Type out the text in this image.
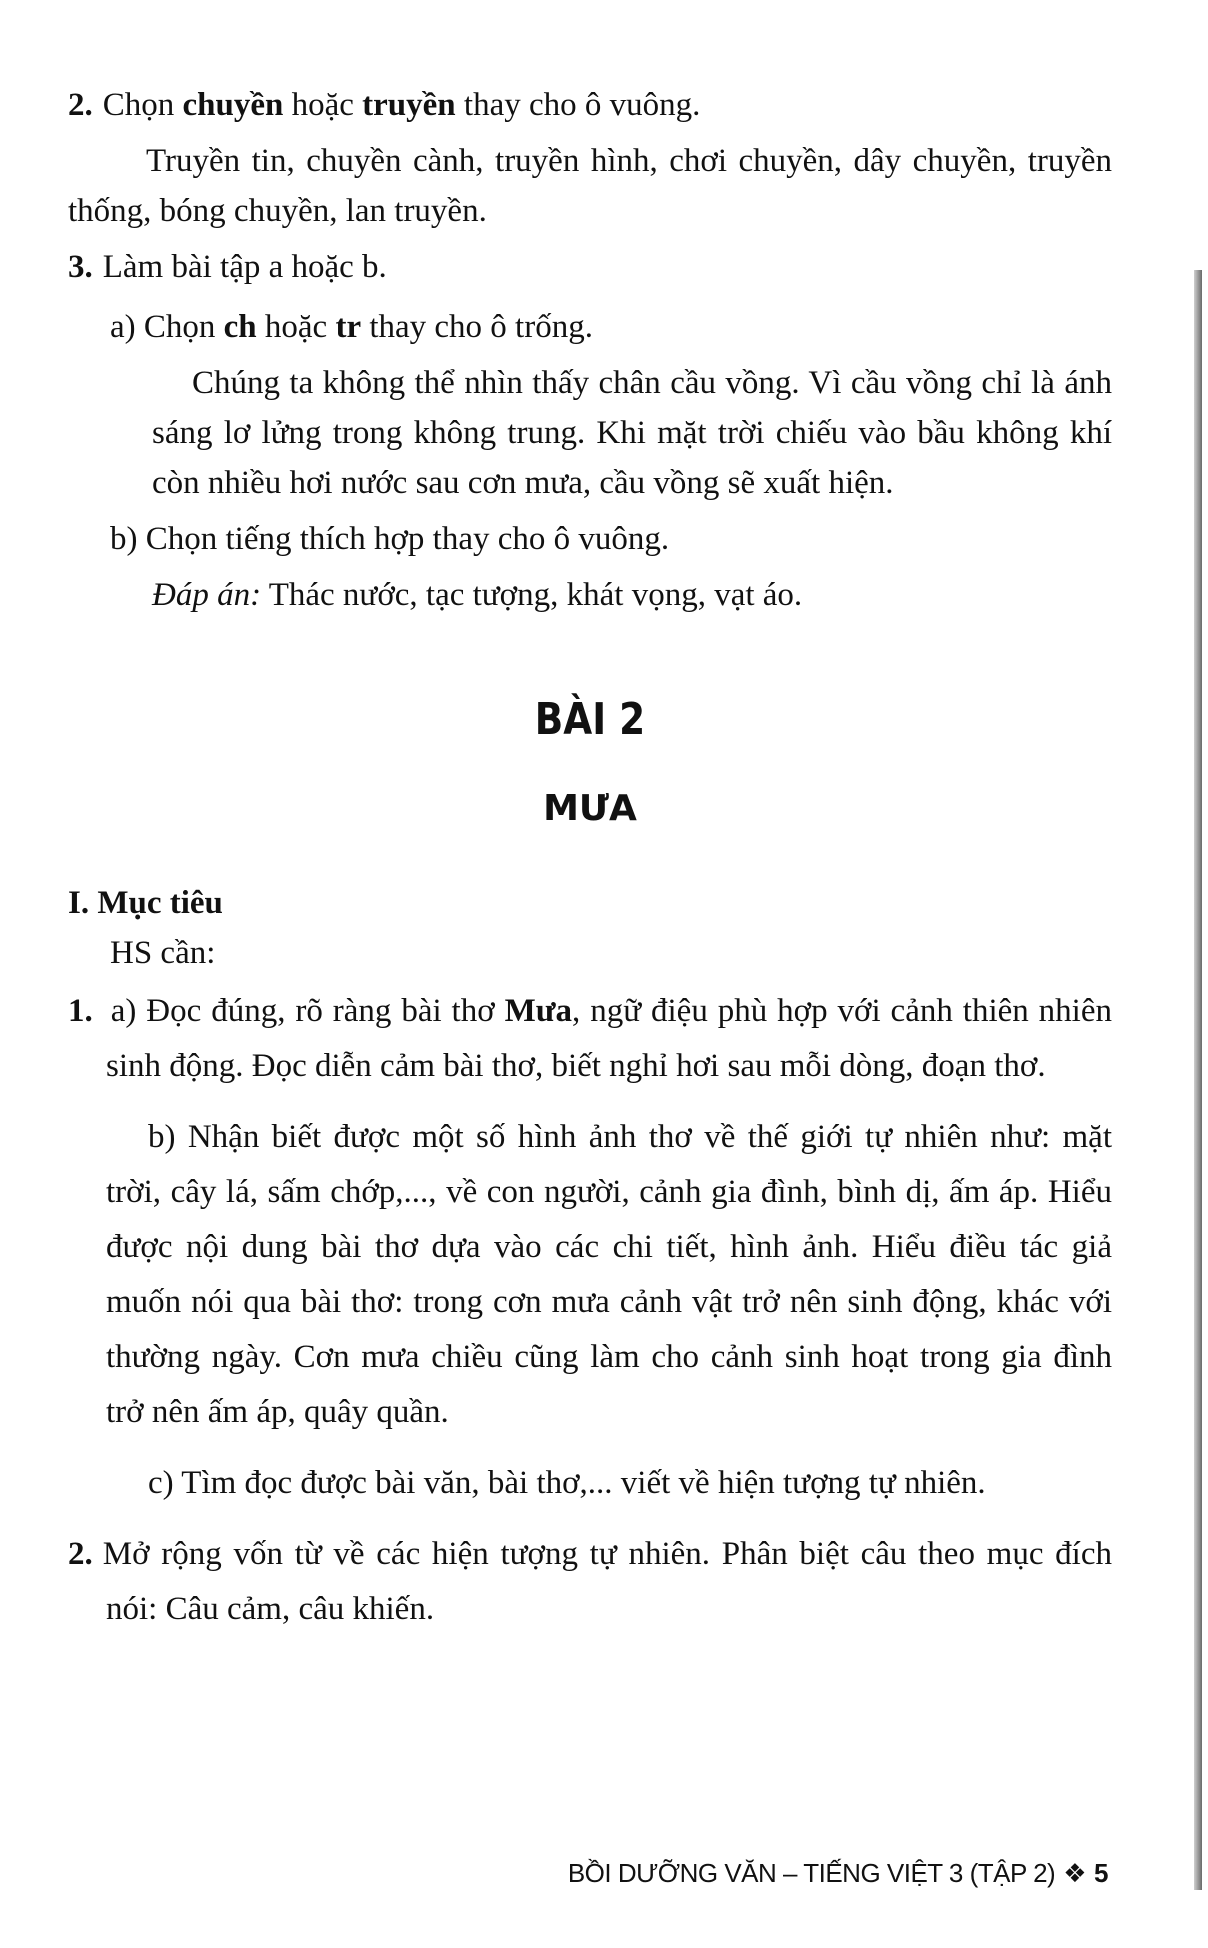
2. Chọn chuyền hoặc truyền thay cho ô vuông.

Truyền tin, chuyền cành, truyền hình, chơi chuyền, dây chuyền, truyền thống, bóng chuyền, lan truyền.

3. Làm bài tập a hoặc b.

a) Chọn ch hoặc tr thay cho ô trống.

Chúng ta không thể nhìn thấy chân cầu vồng. Vì cầu vồng chỉ là ánh sáng lơ lửng trong không trung. Khi mặt trời chiếu vào bầu không khí còn nhiều hơi nước sau cơn mưa, cầu vồng sẽ xuất hiện.

b) Chọn tiếng thích hợp thay cho ô vuông.

Đáp án: Thác nước, tạc tượng, khát vọng, vạt áo.

BÀI 2

MƯA

I. Mục tiêu

HS cần:

1. a) Đọc đúng, rõ ràng bài thơ Mưa, ngữ điệu phù hợp với cảnh thiên nhiên sinh động. Đọc diễn cảm bài thơ, biết nghỉ hơi sau mỗi dòng, đoạn thơ.

b) Nhận biết được một số hình ảnh thơ về thế giới tự nhiên như: mặt trời, cây lá, sấm chớp,..., về con người, cảnh gia đình, bình dị, ấm áp. Hiểu được nội dung bài thơ dựa vào các chi tiết, hình ảnh. Hiểu điều tác giả muốn nói qua bài thơ: trong cơn mưa cảnh vật trở nên sinh động, khác với thường ngày. Cơn mưa chiều cũng làm cho cảnh sinh hoạt trong gia đình trở nên ấm áp, quây quần.

c) Tìm đọc được bài văn, bài thơ,... viết về hiện tượng tự nhiên.

2. Mở rộng vốn từ về các hiện tượng tự nhiên. Phân biệt câu theo mục đích nói: Câu cảm, câu khiến.

BỒI DƯỠNG VĂN – TIẾNG VIỆT 3 (TẬP 2) ❖ 5
